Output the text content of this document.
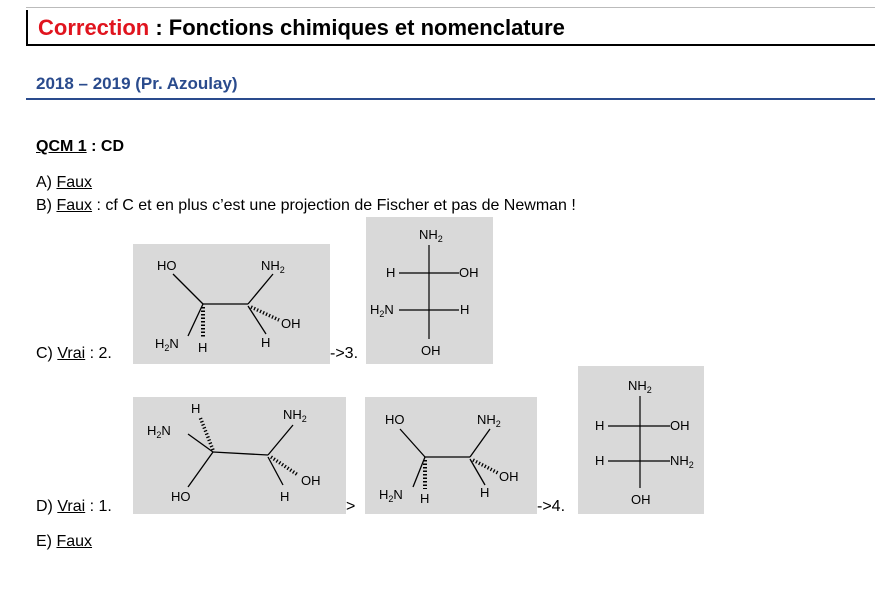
Correction : Fonctions chimiques et nomenclature
2018 – 2019 (Pr. Azoulay)
QCM 1 : CD
A) Faux
B) Faux : cf C et en plus c’est une projection de Fischer et pas de Newman !
C) Vrai : 2.	->3.
D) Vrai : 1.	>	->4.
E) Faux
HO	$NH_2$
OH
$H_2N$ H	H
$NH_2$
H	OH
$H_2N$	H
OH
$H_2N$
H	$NH_2$
OH
HO	H
HO	$NH_2$
OH
$H_2N$ H	H
$NH_2$
H	OH
H	$NH_2$
OH
